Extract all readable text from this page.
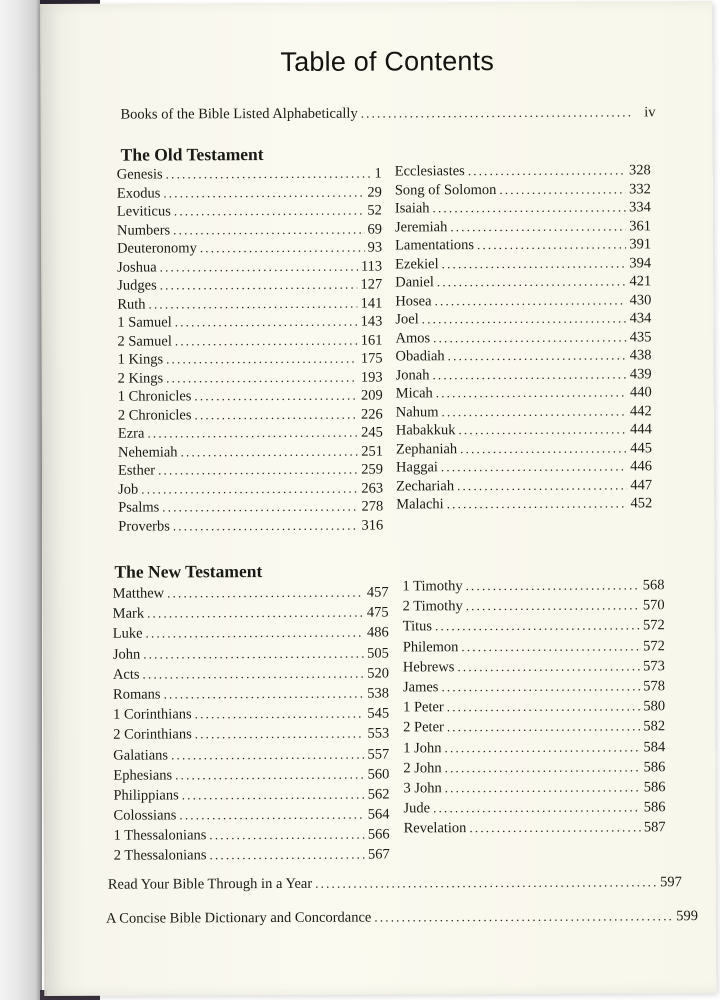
Table of Contents
Books of the Bible Listed Alphabetically .....	iv
The Old Testament
Genesis .....	1
Exodus .....	29
Leviticus .....	52
Numbers .....	69
Deuteronomy .....	93
Joshua .....	113
Judges .....	127
Ruth .....	141
1 Samuel .....	143
2 Samuel .....	161
1 Kings .....	175
2 Kings .....	193
1 Chronicles .....	209
2 Chronicles .....	226
Ezra .....	245
Nehemiah .....	251
Esther .....	259
Job .....	263
Psalms .....	278
Proverbs .....	316
Ecclesiastes .....	328
Song of Solomon .....	332
Isaiah .....	334
Jeremiah .....	361
Lamentations .....	391
Ezekiel .....	394
Daniel .....	421
Hosea .....	430
Joel .....	434
Amos .....	435
Obadiah .....	438
Jonah .....	439
Micah .....	440
Nahum .....	442
Habakkuk .....	444
Zephaniah .....	445
Haggai .....	446
Zechariah .....	447
Malachi .....	452
The New Testament
Matthew .....	457
Mark .....	475
Luke .....	486
John .....	505
Acts .....	520
Romans .....	538
1 Corinthians .....	545
2 Corinthians .....	553
Galatians .....	557
Ephesians .....	560
Philippians .....	562
Colossians .....	564
1 Thessalonians .....	566
2 Thessalonians .....	567
1 Timothy .....	568
2 Timothy .....	570
Titus .....	572
Philemon .....	572
Hebrews .....	573
James .....	578
1 Peter .....	580
2 Peter .....	582
1 John .....	584
2 John .....	586
3 John .....	586
Jude .....	586
Revelation .....	587
Read Your Bible Through in a Year .....	597
A Concise Bible Dictionary and Concordance .....	599
